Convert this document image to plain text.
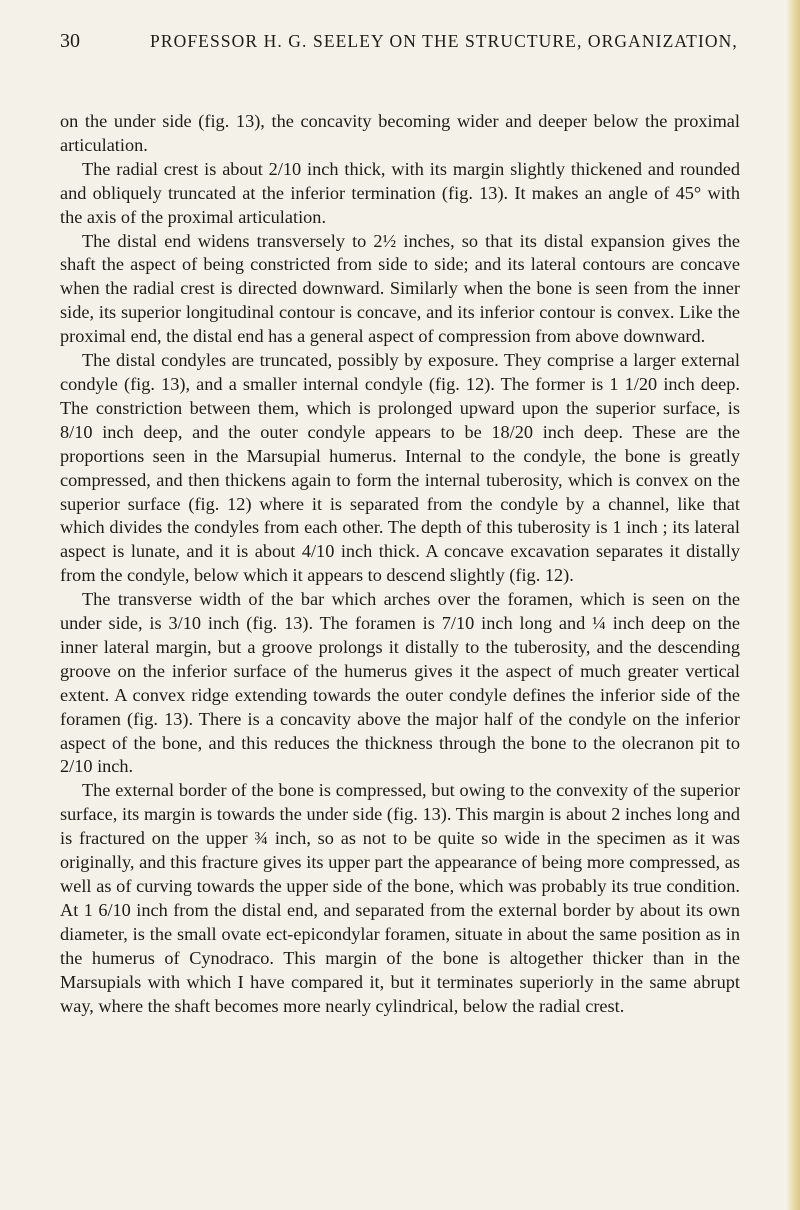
30	PROFESSOR H. G. SEELEY ON THE STRUCTURE, ORGANIZATION,

on the under side (fig. 13), the concavity becoming wider and deeper below the proximal articulation.

The radial crest is about 2/10 inch thick, with its margin slightly thickened and rounded and obliquely truncated at the inferior termination (fig. 13). It makes an angle of 45° with the axis of the proximal articulation.

The distal end widens transversely to 2½ inches, so that its distal expansion gives the shaft the aspect of being constricted from side to side; and its lateral contours are concave when the radial crest is directed downward. Similarly when the bone is seen from the inner side, its superior longitudinal contour is concave, and its inferior contour is convex. Like the proximal end, the distal end has a general aspect of compression from above downward.

The distal condyles are truncated, possibly by exposure. They comprise a larger external condyle (fig. 13), and a smaller internal condyle (fig. 12). The former is 1 1/20 inch deep. The constriction between them, which is prolonged upward upon the superior surface, is 8/10 inch deep, and the outer condyle appears to be 18/20 inch deep. These are the proportions seen in the Marsupial humerus. Internal to the condyle, the bone is greatly compressed, and then thickens again to form the internal tuberosity, which is convex on the superior surface (fig. 12) where it is separated from the condyle by a channel, like that which divides the condyles from each other. The depth of this tuberosity is 1 inch ; its lateral aspect is lunate, and it is about 4/10 inch thick. A concave excavation separates it distally from the condyle, below which it appears to descend slightly (fig. 12).

The transverse width of the bar which arches over the foramen, which is seen on the under side, is 3/10 inch (fig. 13). The foramen is 7/10 inch long and ¼ inch deep on the inner lateral margin, but a groove prolongs it distally to the tuberosity, and the descending groove on the inferior surface of the humerus gives it the aspect of much greater vertical extent. A convex ridge extending towards the outer condyle defines the inferior side of the foramen (fig. 13). There is a concavity above the major half of the condyle on the inferior aspect of the bone, and this reduces the thickness through the bone to the olecranon pit to 2/10 inch.

The external border of the bone is compressed, but owing to the convexity of the superior surface, its margin is towards the under side (fig. 13). This margin is about 2 inches long and is fractured on the upper ¾ inch, so as not to be quite so wide in the specimen as it was originally, and this fracture gives its upper part the appearance of being more compressed, as well as of curving towards the upper side of the bone, which was probably its true condition. At 1 6/10 inch from the distal end, and separated from the external border by about its own diameter, is the small ovate ect-epicondylar foramen, situate in about the same position as in the humerus of Cynodraco. This margin of the bone is altogether thicker than in the Marsupials with which I have compared it, but it terminates superiorly in the same abrupt way, where the shaft becomes more nearly cylindrical, below the radial crest.
